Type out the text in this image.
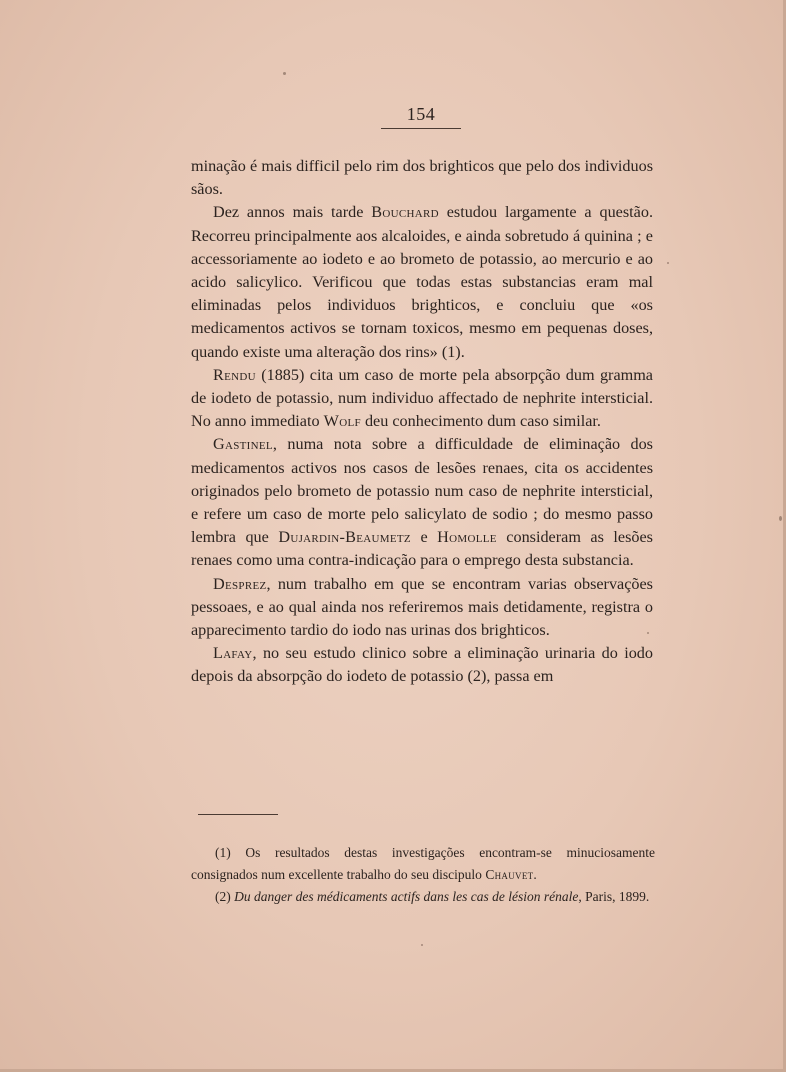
154

minação é mais difficil pelo rim dos brighticos que pelo dos individuos sãos.

Dez annos mais tarde Bouchard estudou largamente a questão. Recorreu principalmente aos alcaloides, e ainda sobretudo á quinina ; e accessoriamente ao iodeto e ao brometo de potassio, ao mercurio e ao acido salicylico. Verificou que todas estas substancias eram mal eliminadas pelos individuos brighticos, e concluiu que «os medicamentos activos se tornam toxicos, mesmo em pequenas doses, quando existe uma alteração dos rins» (1).

Rendu (1885) cita um caso de morte pela absorpção dum gramma de iodeto de potassio, num individuo affectado de nephrite intersticial. No anno immediato Wolf deu conhecimento dum caso similar.

Gastinel, numa nota sobre a difficuldade de eliminação dos medicamentos activos nos casos de lesões renaes, cita os accidentes originados pelo brometo de potassio num caso de nephrite intersticial, e refere um caso de morte pelo salicylato de sodio ; do mesmo passo lembra que Dujardin-Beaumetz e Homolle consideram as lesões renaes como uma contra-indicação para o emprego desta substancia.

Desprez, num trabalho em que se encontram varias observações pessoaes, e ao qual ainda nos referiremos mais detidamente, registra o apparecimento tardio do iodo nas urinas dos brighticos.

Lafay, no seu estudo clinico sobre a eliminação urinaria do iodo depois da absorpção do iodeto de potassio (2), passa em

(1) Os resultados destas investigações encontram-se minuciosamente consignados num excellente trabalho do seu discipulo Chauvet.

(2) Du danger des médicaments actifs dans les cas de lésion rénale, Paris, 1899.
